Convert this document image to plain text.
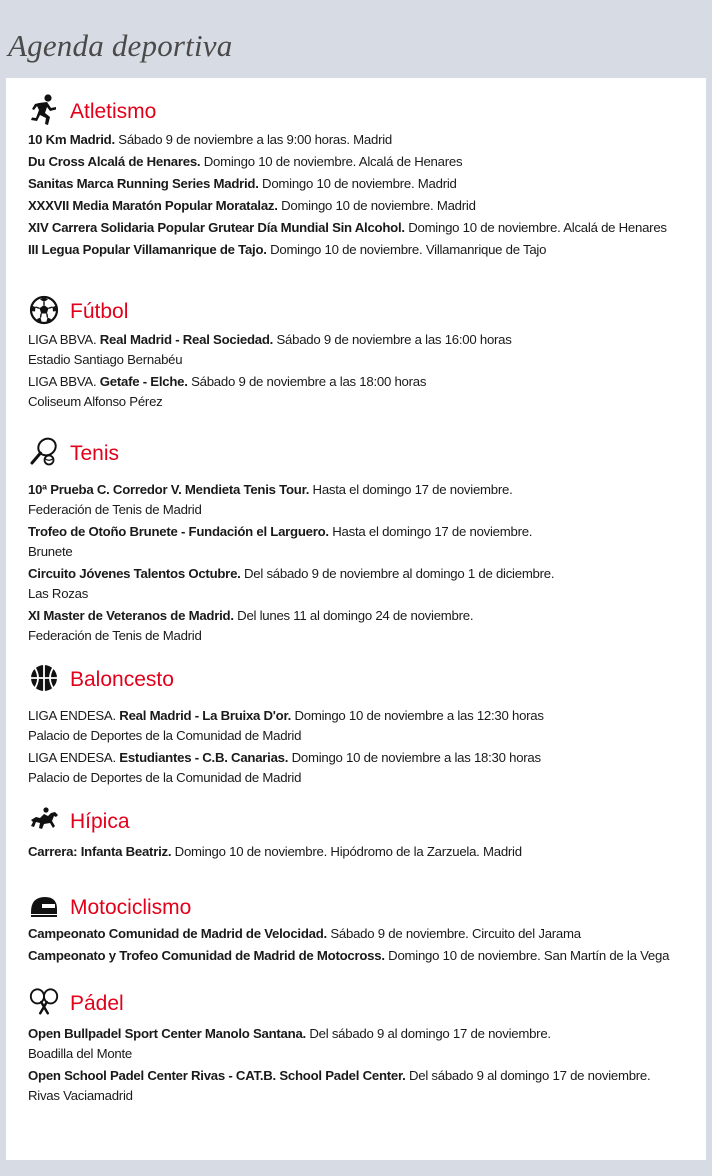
Agenda deportiva
Atletismo
10 Km Madrid. Sábado 9 de noviembre a las 9:00 horas. Madrid
Du Cross Alcalá de Henares. Domingo 10 de noviembre. Alcalá de Henares
Sanitas Marca Running Series Madrid. Domingo 10 de noviembre. Madrid
XXXVII Media Maratón Popular Moratalaz. Domingo 10 de noviembre. Madrid
XIV Carrera Solidaria Popular Grutear Día Mundial Sin Alcohol. Domingo 10 de noviembre. Alcalá de Henares
III Legua Popular Villamanrique de Tajo. Domingo 10 de noviembre. Villamanrique de Tajo
Fútbol
LIGA BBVA. Real Madrid - Real Sociedad. Sábado 9 de noviembre a las 16:00 horas
Estadio Santiago Bernabéu
LIGA BBVA. Getafe - Elche. Sábado 9 de noviembre a las 18:00 horas
Coliseum Alfonso Pérez
Tenis
10ª Prueba C. Corredor V. Mendieta Tenis Tour. Hasta el domingo 17 de noviembre.
Federación de Tenis de Madrid
Trofeo de Otoño Brunete - Fundación el Larguero. Hasta el domingo 17 de noviembre.
Brunete
Circuito Jóvenes Talentos Octubre. Del sábado 9 de noviembre al domingo 1 de diciembre.
Las Rozas
XI Master de Veteranos de Madrid. Del lunes 11 al domingo 24 de noviembre.
Federación de Tenis de Madrid
Baloncesto
LIGA ENDESA. Real Madrid - La Bruixa D'or. Domingo 10 de noviembre a las 12:30 horas
Palacio de Deportes de la Comunidad de Madrid
LIGA ENDESA. Estudiantes - C.B. Canarias. Domingo 10 de noviembre a las 18:30 horas
Palacio de Deportes de la Comunidad de Madrid
Hípica
Carrera: Infanta Beatriz. Domingo 10 de noviembre. Hipódromo de la Zarzuela. Madrid
Motociclismo
Campeonato Comunidad de Madrid de Velocidad. Sábado 9 de noviembre. Circuito del Jarama
Campeonato y Trofeo Comunidad de Madrid de Motocross. Domingo 10 de noviembre. San Martín de la Vega
Pádel
Open Bullpadel Sport Center Manolo Santana. Del sábado 9 al domingo 17 de noviembre.
Boadilla del Monte
Open School Padel Center Rivas - CAT.B. School Padel Center. Del sábado 9 al domingo 17 de noviembre.
Rivas Vaciamadrid
